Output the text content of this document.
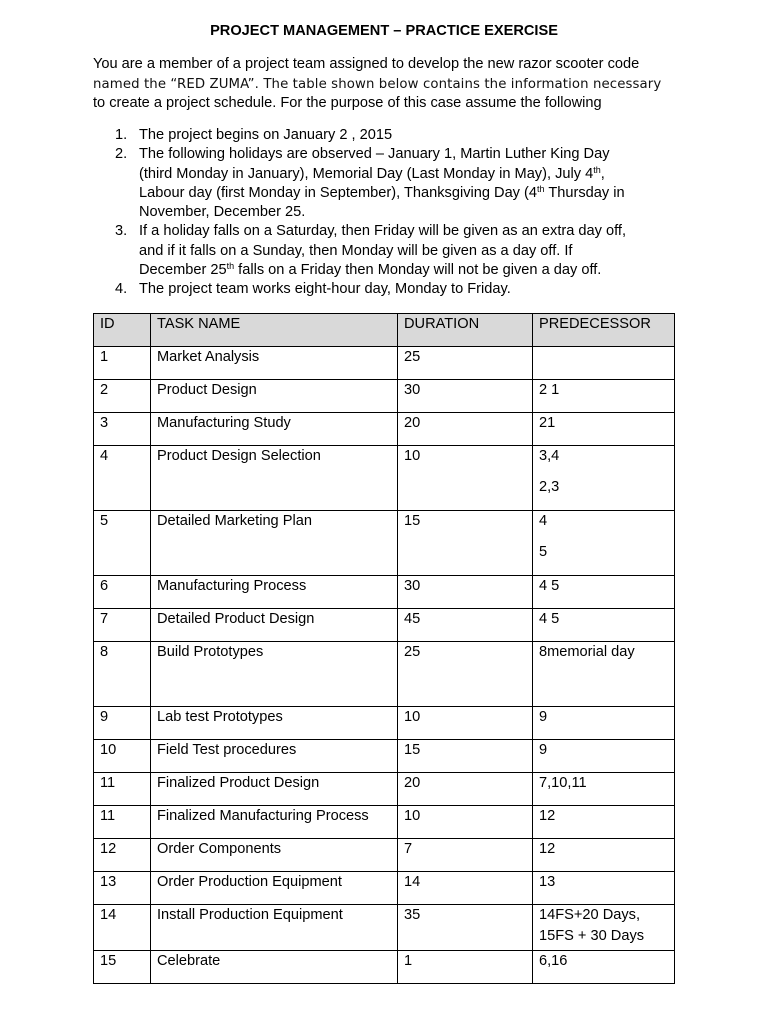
PROJECT MANAGEMENT – PRACTICE EXERCISE
You are a member of a project team assigned to develop the new razor scooter code
named the “RED ZUMA”. The table shown below contains the information necessary
to create a project schedule. For the purpose of this case assume the following
1. The project begins on January 2 , 2015
2. The following holidays are observed – January 1, Martin Luther King Day
(third Monday in January), Memorial Day (Last Monday in May), July 4th,
Labour day (first Monday in September), Thanksgiving Day (4th Thursday in
November, December 25.
3. If a holiday falls on a Saturday, then Friday will be given as an extra day off,
and if it falls on a Sunday, then Monday will be given as a day off. If
December 25th falls on a Friday then Monday will not be given a day off.
4. The project team works eight-hour day, Monday to Friday.
ID	TASK NAME	DURATION	PREDECESSOR
1	Market Analysis	25	

2	Product Design	30	2 1

3	Manufacturing Study	20	21

4	Product Design Selection	10	3,4
2,3

5	Detailed Marketing Plan	15	4
5

6	Manufacturing Process	30	4 5

7	Detailed Product Design	45	4 5

8	Build Prototypes	25	8memorial day

9	Lab test Prototypes	10	9

10	Field Test procedures	15	9

11	Finalized Product Design	20	7,10,11

11	Finalized Manufacturing Process	10	12

12	Order Components	7	12

13	Order Production Equipment	14	13

14	Install Production Equipment	35	14FS+20 Days,
15FS + 30 Days

15	Celebrate	1	6,16
